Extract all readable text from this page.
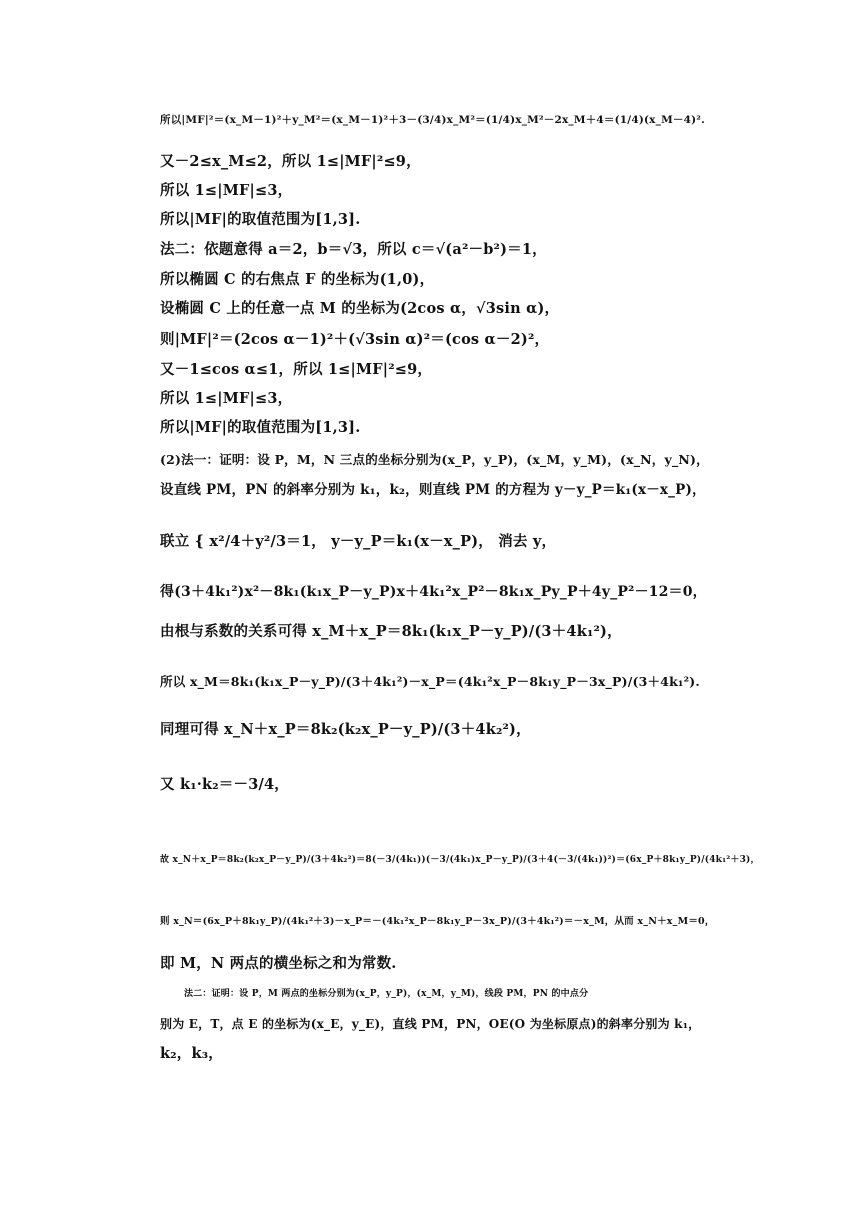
所以|MF|²＝(x_M－1)²＋y_M²＝(x_M－1)²＋3－(3/4)x_M²＝(1/4)x_M²－2x_M＋4＝(1/4)(x_M－4)².
又－2≤x_M≤2，所以 1≤|MF|²≤9，
所以 1≤|MF|≤3，
所以|MF|的取值范围为[1,3].
法二：依题意得 a＝2，b＝√3，所以 c＝√(a²－b²)＝1，
所以椭圆 C 的右焦点 F 的坐标为(1,0)，
设椭圆 C 上的任意一点 M 的坐标为(2cos α，√3sin α)，
则|MF|²＝(2cos α－1)²＋(√3sin α)²＝(cos α－2)²，
又－1≤cos α≤1，所以 1≤|MF|²≤9，
所以 1≤|MF|≤3，
所以|MF|的取值范围为[1,3].
(2)法一：证明：设 P，M，N 三点的坐标分别为(x_P，y_P)，(x_M，y_M)，(x_N，y_N)，
设直线 PM，PN 的斜率分别为 k₁，k₂，则直线 PM 的方程为 y－y_P＝k₁(x－x_P)，
联立 { x²/4＋y²/3＝1， y－y_P＝k₁(x－x_P)， 消去 y，
得(3＋4k₁²)x²－8k₁(k₁x_P－y_P)x＋4k₁²x_P²－8k₁x_Py_P＋4y_P²－12＝0，
由根与系数的关系可得 x_M＋x_P＝8k₁(k₁x_P－y_P)/(3＋4k₁²)，
所以 x_M＝8k₁(k₁x_P－y_P)/(3＋4k₁²)－x_P＝(4k₁²x_P－8k₁y_P－3x_P)/(3＋4k₁²).
同理可得 x_N＋x_P＝8k₂(k₂x_P－y_P)/(3＋4k₂²)，
又 k₁·k₂＝－3/4，
故 x_N＋x_P＝8k₂(k₂x_P－y_P)/(3＋4k₂²)＝8(－3/(4k₁))(－3/(4k₁)x_P－y_P)/(3＋4(－3/(4k₁))²)＝(6x_P＋8k₁y_P)/(4k₁²＋3)，
则 x_N＝(6x_P＋8k₁y_P)/(4k₁²＋3)－x_P＝－(4k₁²x_P－8k₁y_P－3x_P)/(3＋4k₁²)＝－x_M，从而 x_N＋x_M＝0，
即 M，N 两点的横坐标之和为常数.
法二：证明：设 P，M 两点的坐标分别为(x_P，y_P)，(x_M，y_M)，线段 PM，PN 的中点分
别为 E，T，点 E 的坐标为(x_E，y_E)，直线 PM，PN，OE(O 为坐标原点)的斜率分别为 k₁，
k₂，k₃，
